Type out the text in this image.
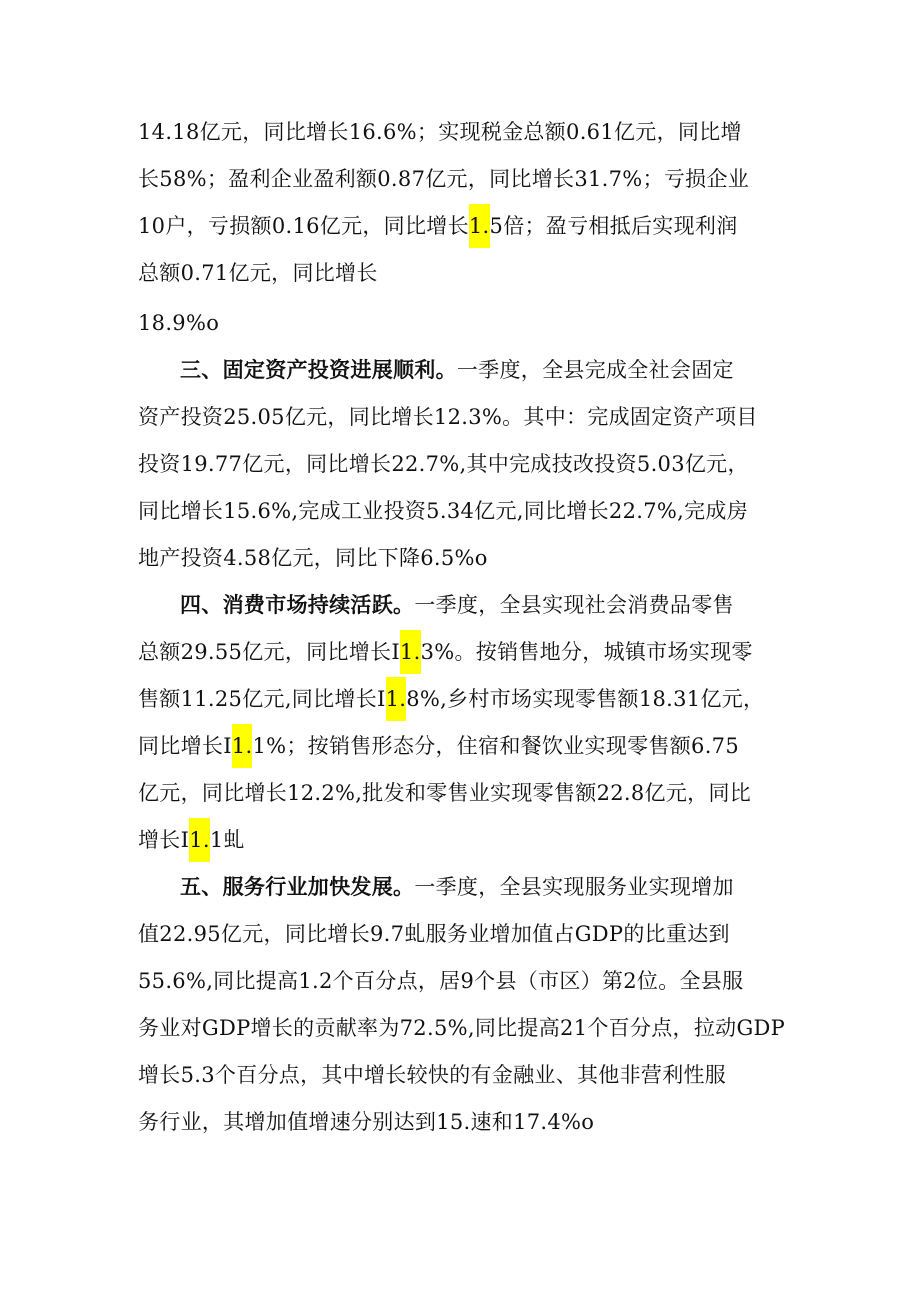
14.18亿元，同比增长16.6%；实现税金总额0.61亿元，同比增
长58%；盈利企业盈利额0.87亿元，同比增长31.7%；亏损企业
10户，亏损额0.16亿元，同比增长1.5倍；盈亏相抵后实现利润
总额0.71亿元，同比增长
18.9%o
三、固定资产投资进展顺利。一季度，全县完成全社会固定
资产投资25.05亿元，同比增长12.3%。其中：完成固定资产项目
投资19.77亿元，同比增长22.7%,其中完成技改投资5.03亿元，
同比增长15.6%,完成工业投资5.34亿元,同比增长22.7%,完成房
地产投资4.58亿元，同比下降6.5%o
四、消费市场持续活跃。一季度，全县实现社会消费品零售
总额29.55亿元，同比增长I1.3%。按销售地分，城镇市场实现零
售额11.25亿元,同比增长I1.8%,乡村市场实现零售额18.31亿元，
同比增长I1.1%；按销售形态分，住宿和餐饮业实现零售额6.75
亿元，同比增长12.2%,批发和零售业实现零售额22.8亿元，同比
增长I1.1虬
五、服务行业加快发展。一季度，全县实现服务业实现增加
值22.95亿元，同比增长9.7虬服务业增加值占GDP的比重达到
55.6%,同比提高1.2个百分点，居9个县（市区）第2位。全县服
务业对GDP增长的贡献率为72.5%,同比提高21个百分点，拉动GDP
增长5.3个百分点，其中增长较快的有金融业、其他非营利性服
务行业，其增加值增速分别达到15.速和17.4%o
